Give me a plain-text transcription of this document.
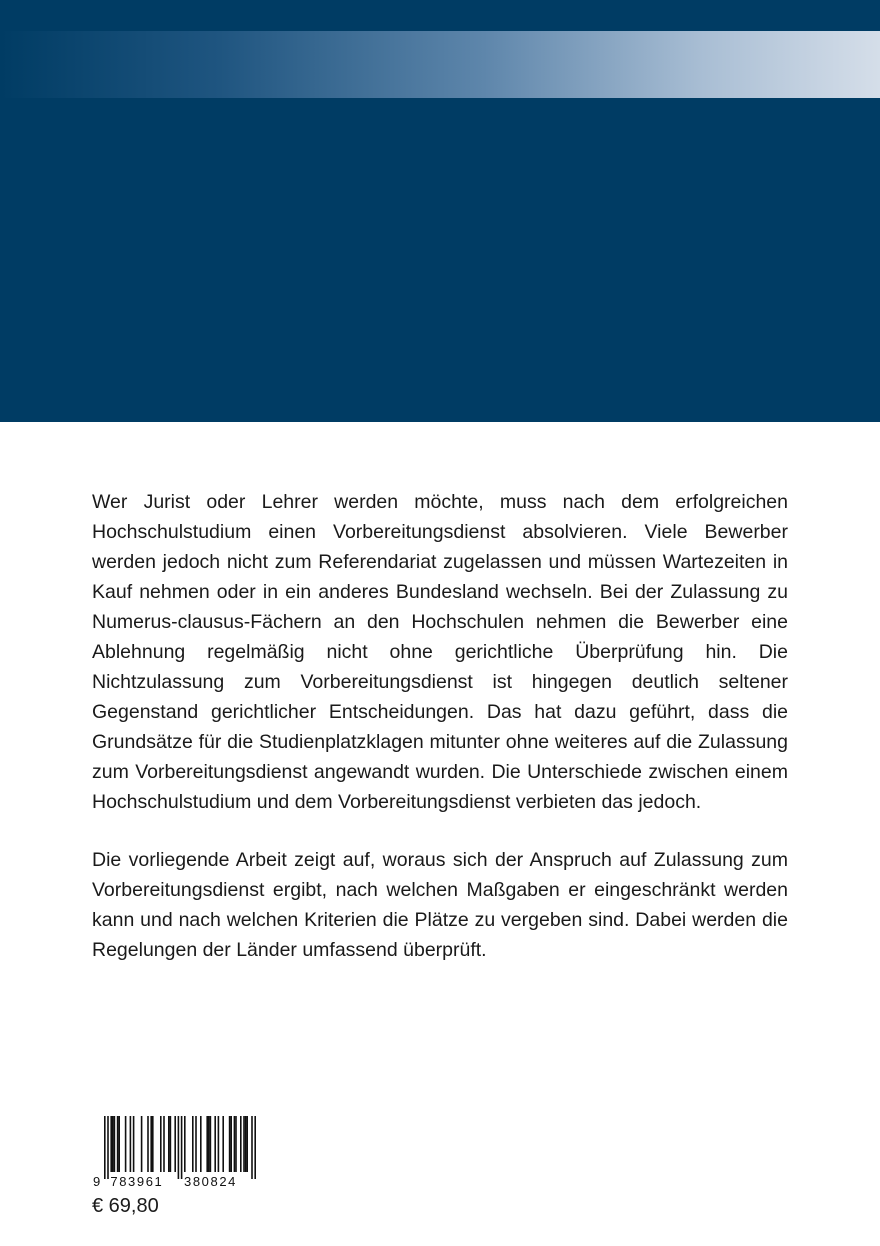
Wer Jurist oder Lehrer werden möchte, muss nach dem erfolgreichen Hochschulstudium einen Vorbereitungsdienst absolvieren. Viele Bewerber werden jedoch nicht zum Referendariat zugelassen und müssen Wartezeiten in Kauf nehmen oder in ein anderes Bundesland wechseln. Bei der Zulassung zu Numerus-clausus-Fächern an den Hochschulen nehmen die Bewerber eine Ablehnung regelmäßig nicht ohne gerichtliche Überprüfung hin. Die Nichtzulassung zum Vorbereitungsdienst ist hingegen deutlich seltener Gegenstand gerichtlicher Entscheidungen. Das hat dazu geführt, dass die Grundsätze für die Studienplatzklagen mitunter ohne weiteres auf die Zulassung zum Vorbereitungsdienst angewandt wurden. Die Unterschiede zwischen einem Hochschulstudium und dem Vorbereitungsdienst verbieten das jedoch.

Die vorliegende Arbeit zeigt auf, woraus sich der Anspruch auf Zulassung zum Vorbereitungsdienst ergibt, nach welchen Maßgaben er eingeschränkt werden kann und nach welchen Kriterien die Plätze zu vergeben sind. Dabei werden die Regelungen der Länder umfassend überprüft.

9 783961 380824
€ 69,80
